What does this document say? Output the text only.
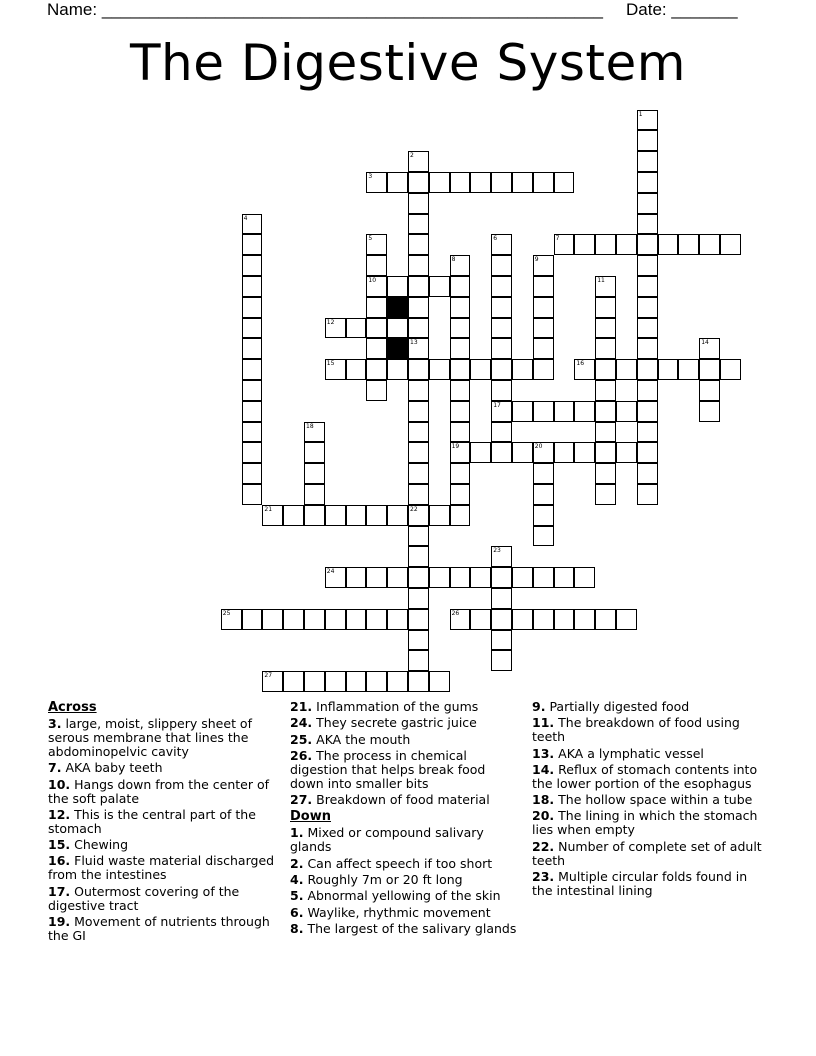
Name: _____________________________________________________ Date: _______
The Digestive System
1
2
13
3
4
5
10
6
17
7
8
19
9
11
12
14
15	16
18
20
21	22
23
24
25	26
27
Across
3. large, moist, slippery sheet of serous membrane that lines the abdominopelvic cavity
7. AKA baby teeth
10. Hangs down from the center of the soft palate
12. This is the central part of the stomach
15. Chewing
16. Fluid waste material discharged from the intestines
17. Outermost covering of the digestive tract
19. Movement of nutrients through the GI
21. Inflammation of the gums
24. They secrete gastric juice
25. AKA the mouth
26. The process in chemical digestion that helps break food down into smaller bits
27. Breakdown of food material
Down
1. Mixed or compound salivary glands
2. Can affect speech if too short
4. Roughly 7m or 20 ft long
5. Abnormal yellowing of the skin
6. Waylike, rhythmic movement
8. The largest of the salivary glands
9. Partially digested food
11. The breakdown of food using teeth
13. AKA a lymphatic vessel
14. Reflux of stomach contents into the lower portion of the esophagus
18. The hollow space within a tube
20. The lining in which the stomach lies when empty
22. Number of complete set of adult teeth
23. Multiple circular folds found in the intestinal lining
